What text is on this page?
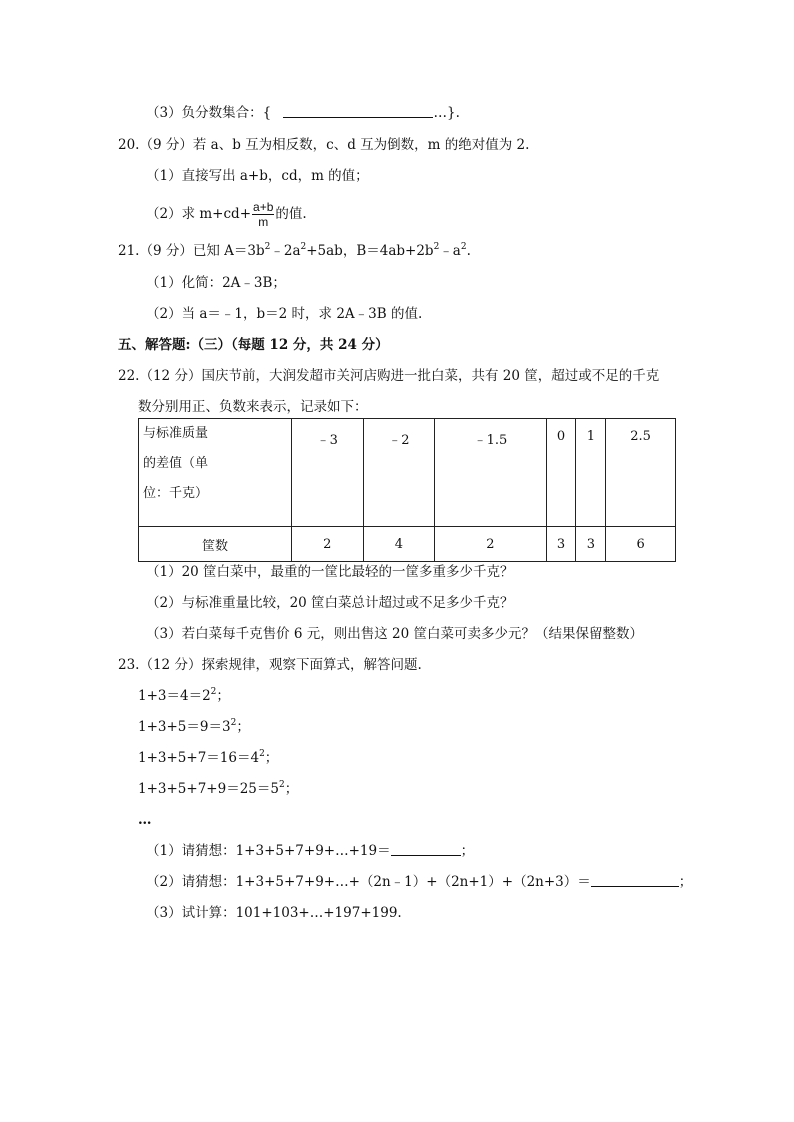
（3）负分数集合：{	…}.
20.（9 分）若 a、b 互为相反数，c、d 互为倒数，m 的绝对值为 2.
（1）直接写出 a+b，cd，m 的值；
（2）求 $m+cd+ \frac{a+b}{m}$ 的值.
21.（9 分）已知 $A=3b^2﹣2a^2+5ab$，$B=4ab+2b^2﹣a^2$.
（1）化简：2A﹣3B；
（2）当 a＝﹣1，b＝2 时，求 2A﹣3B 的值.
五、解答题:（三）（每题 12 分，共 24 分）
22.（12 分）国庆节前，大润发超市关河店购进一批白菜，共有 20 筐，超过或不足的千克
数分别用正、负数来表示，记录如下：
与标准质量
的差值（单
位：千克）	﹣3	﹣2	﹣1.5	0	1	2.5
筐数	2	4	2	3	3	6
（1）20 筐白菜中，最重的一筐比最轻的一筐多重多少千克？
（2）与标准重量比较，20 筐白菜总计超过或不足多少千克？
（3）若白菜每千克售价 6 元，则出售这 20 筐白菜可卖多少元？（结果保留整数）
23.（12 分）探索规律，观察下面算式，解答问题.
$1+3=4=2^2$；
$1+3+5=9=3^2$；
$1+3+5+7=16=4^2$；
$1+3+5+7+9=25=5^2$；
…
（1）请猜想：1+3+5+7+9+…+19＝	；
（2）请猜想：1+3+5+7+9+…+（2n﹣1）+（2n+1）+（2n+3）＝	；
（3）试计算：101+103+…+197+199.
